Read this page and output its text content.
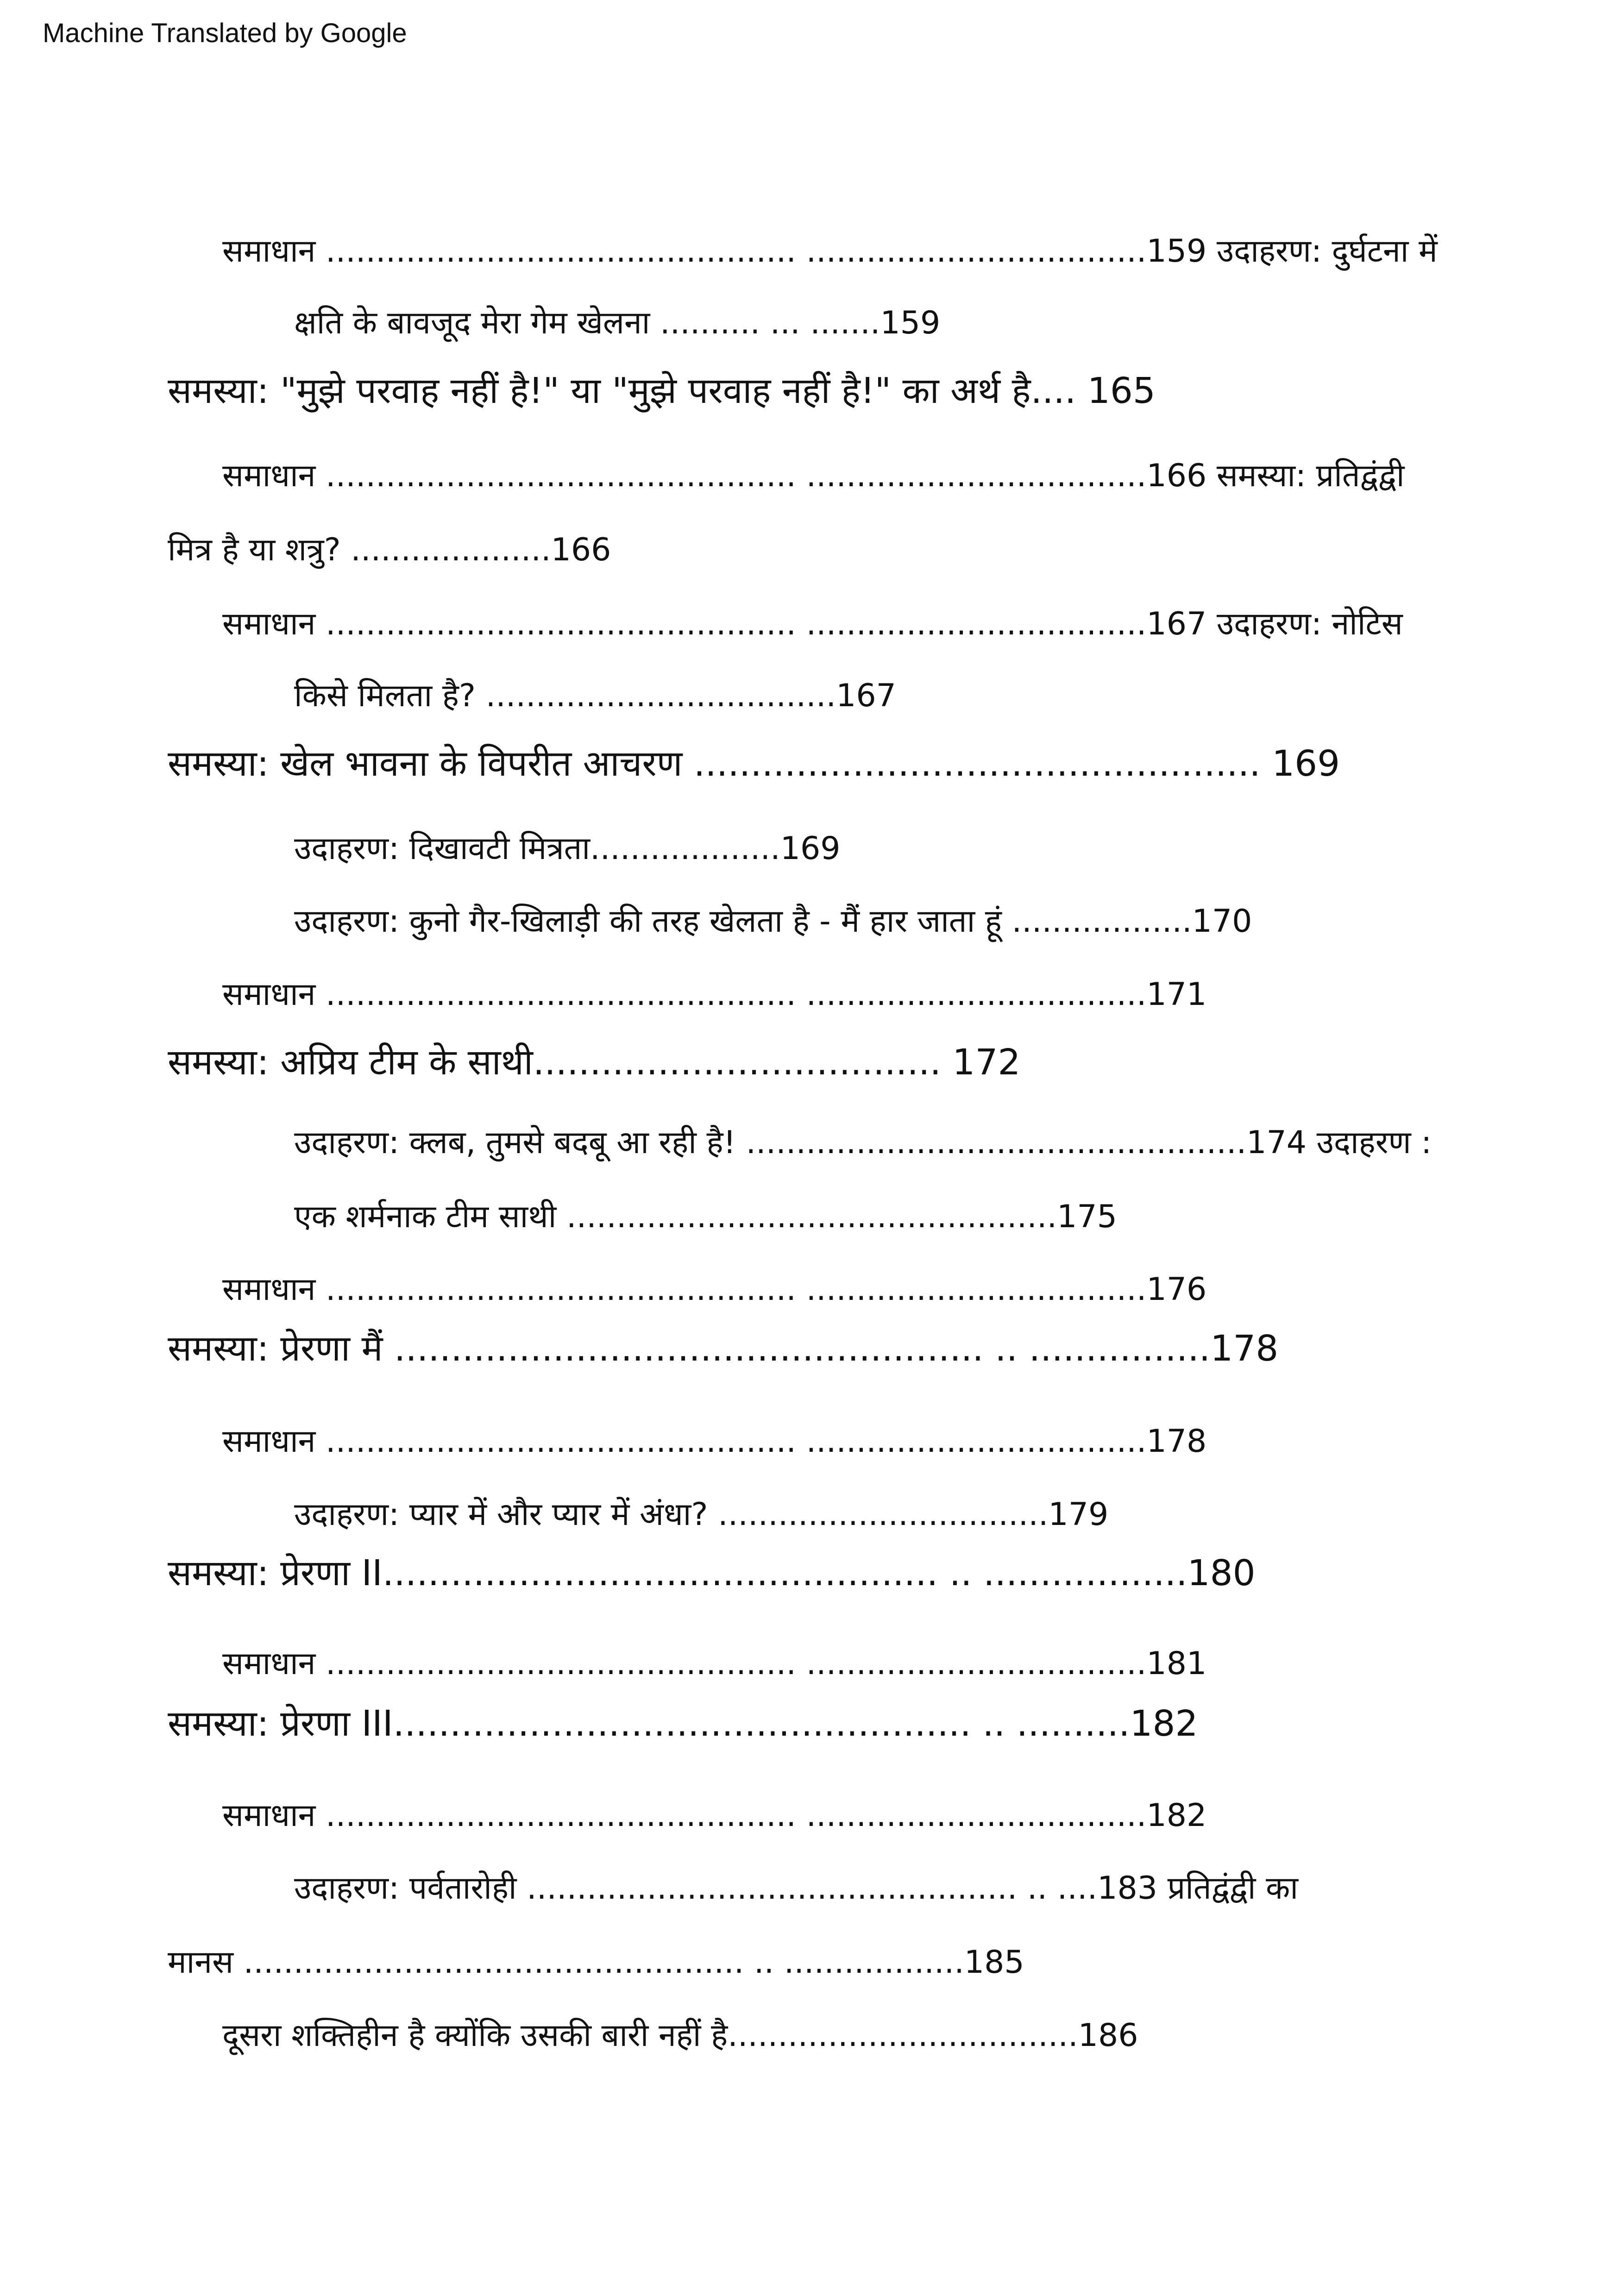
Machine Translated by Google
समाधान ............................................... ..................................159 उदाहरण: दुर्घटना में
क्षति के बावजूद मेरा गेम खेलना .......... ... .......159
समस्या: "मुझे परवाह नहीं है!" या "मुझे परवाह नहीं है!" का अर्थ है.... 165
समाधान ............................................... ..................................166 समस्या: प्रतिद्वंद्वी
मित्र है या शत्रु? ....................166
समाधान ............................................... ..................................167 उदाहरण: नोटिस
किसे मिलता है? ...................................167
समस्या: खेल भावना के विपरीत आचरण .................................................. 169
उदाहरण: दिखावटी मित्रता...................169
उदाहरण: कुनो गैर-खिलाड़ी की तरह खेलता है - मैं हार जाता हूं ..................170
समाधान ............................................... ..................................171
समस्या: अप्रिय टीम के साथी.................................... 172
उदाहरण: क्लब, तुमसे बदबू आ रही है! ..................................................174 उदाहरण :
एक शर्मनाक टीम साथी .................................................175
समाधान ............................................... ..................................176
समस्या: प्रेरणा मैं .................................................... .. ................178
समाधान ............................................... ..................................178
उदाहरण: प्यार में और प्यार में अंधा? .................................179
समस्या: प्रेरणा II................................................. .. ..................180
समाधान ............................................... ..................................181
समस्या: प्रेरणा III................................................... .. ..........182
समाधान ............................................... ..................................182
उदाहरण: पर्वतारोही ................................................. .. ....183 प्रतिद्वंद्वी का
मानस .................................................. .. ..................185
दूसरा शक्तिहीन है क्योंकि उसकी बारी नहीं है...................................186
